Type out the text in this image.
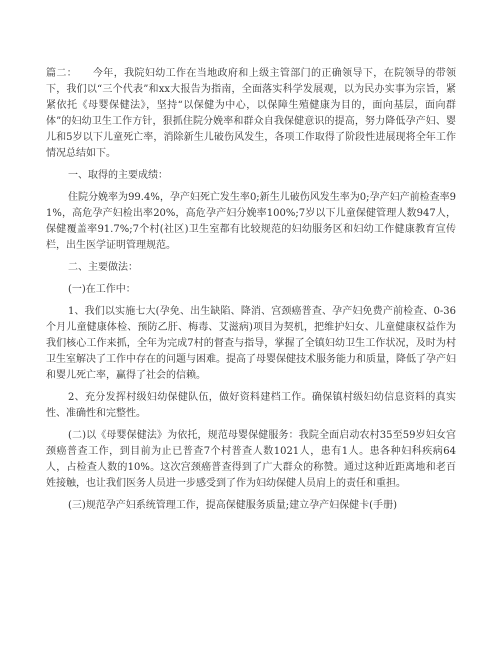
篇二：　　今年，我院妇幼工作在当地政府和上级主管部门的正确领导下，在院领导的带领下，我们以“三个代表”和xx大报告为指南，全面落实科学发展观，以为民办实事为宗旨，紧紧依托《母婴保健法》，坚持“以保健为中心，以保障生殖健康为目的，面向基层，面向群体”的妇幼卫生工作方针，狠抓住院分娩率和群众自我保健意识的提高，努力降低孕产妇、婴儿和5岁以下儿童死亡率，消除新生儿破伤风发生，各项工作取得了阶段性进展现将全年工作情况总结如下。

一、取得的主要成绩：

住院分娩率为99.4%，孕产妇死亡发生率0;新生儿破伤风发生率为0;孕产妇产前检查率91%，高危孕产妇检出率20%，高危孕产妇分娩率100%;7岁以下儿童保健管理人数947人，保健覆盖率91.7%;7个村(社区)卫生室都有比较规范的妇幼服务区和妇幼工作健康教育宣传栏，出生医学证明管理规范。

二、主要做法：

(一)在工作中：

1、我们以实施七大(孕免、出生缺陷、降消、宫颈癌普查、孕产妇免费产前检查、0-36个月儿童健康体检、预防乙肝、梅毒、艾滋病)项目为契机，把维护妇女、儿童健康权益作为我们核心工作来抓，全年为完成7村的督查与指导，掌握了全镇妇幼卫生工作状况，及时为村卫生室解决了工作中存在的问题与困难。提高了母婴保健技术服务能力和质量，降低了孕产妇和婴儿死亡率，赢得了社会的信赖。

2、充分发挥村级妇幼保健队伍，做好资料建档工作。确保镇村级妇幼信息资料的真实性、准确性和完整性。

(二)以《母婴保健法》为依托，规范母婴保健服务：我院全面启动农村35至59岁妇女宫颈癌普查工作，到目前为止已普查7个村普查人数1021人，患有1人。患各种妇科疾病64人，占检查人数的10%。这次宫颈癌普查得到了广大群众的称赞。通过这种近距离地和老百姓接触，也让我们医务人员进一步感受到了作为妇幼保健人员肩上的责任和重担。

(三)规范孕产妇系统管理工作，提高保健服务质量;建立孕产妇保健卡(手册)
